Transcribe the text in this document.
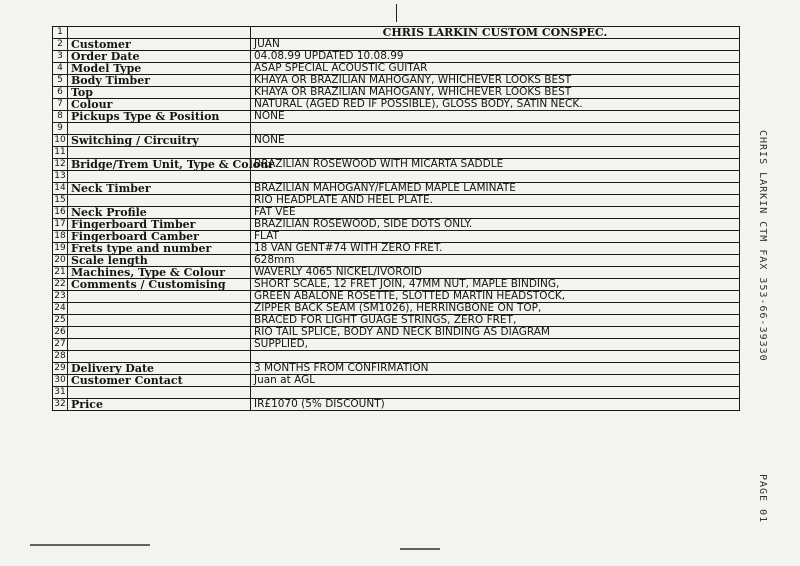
1		CHRIS LARKIN CUSTOM CONSPEC.
2	Customer	JUAN
3	Order Date	04.08.99 UPDATED 10.08.99
4	Model Type	ASAP SPECIAL ACOUSTIC GUITAR
5	Body Timber	KHAYA OR BRAZILIAN MAHOGANY, WHICHEVER LOOKS BEST
6	Top	KHAYA OR BRAZILIAN MAHOGANY, WHICHEVER LOOKS BEST
7	Colour	NATURAL (AGED RED IF POSSIBLE), GLOSS BODY, SATIN NECK.
8	Pickups Type & Position	NONE
9		
10	Switching / Circuitry	NONE
11		
12	Bridge/Trem Unit, Type & Colour	BRAZILIAN ROSEWOOD WITH MICARTA SADDLE
13		
14	Neck Timber	BRAZILIAN MAHOGANY/FLAMED MAPLE LAMINATE
15		RIO HEADPLATE AND HEEL PLATE.
16	Neck Profile	FAT VEE
17	Fingerboard Timber	BRAZILIAN ROSEWOOD, SIDE DOTS ONLY.
18	Fingerboard Camber	FLAT
19	Frets type and number	18 VAN GENT#74 WITH ZERO FRET.
20	Scale length	628mm
21	Machines, Type & Colour	WAVERLY 4065 NICKEL/IVOROID
22	Comments / Customising	SHORT SCALE, 12 FRET JOIN, 47MM NUT, MAPLE BINDING,
23		GREEN ABALONE ROSETTE, SLOTTED MARTIN HEADSTOCK,
24		ZIPPER BACK SEAM (SM1026), HERRINGBONE ON TOP,
25		BRACED FOR LIGHT GUAGE STRINGS, ZERO FRET,
26		RIO TAIL SPLICE, BODY AND NECK BINDING AS DIAGRAM
27		SUPPLIED,
28		
29	Delivery Date	3 MONTHS FROM CONFIRMATION
30	Customer Contact	Juan at AGL
31		
32	Price	IR£1070 (5% DISCOUNT)
CHRIS LARKIN CTM FAX 353-66-39330
PAGE 01
